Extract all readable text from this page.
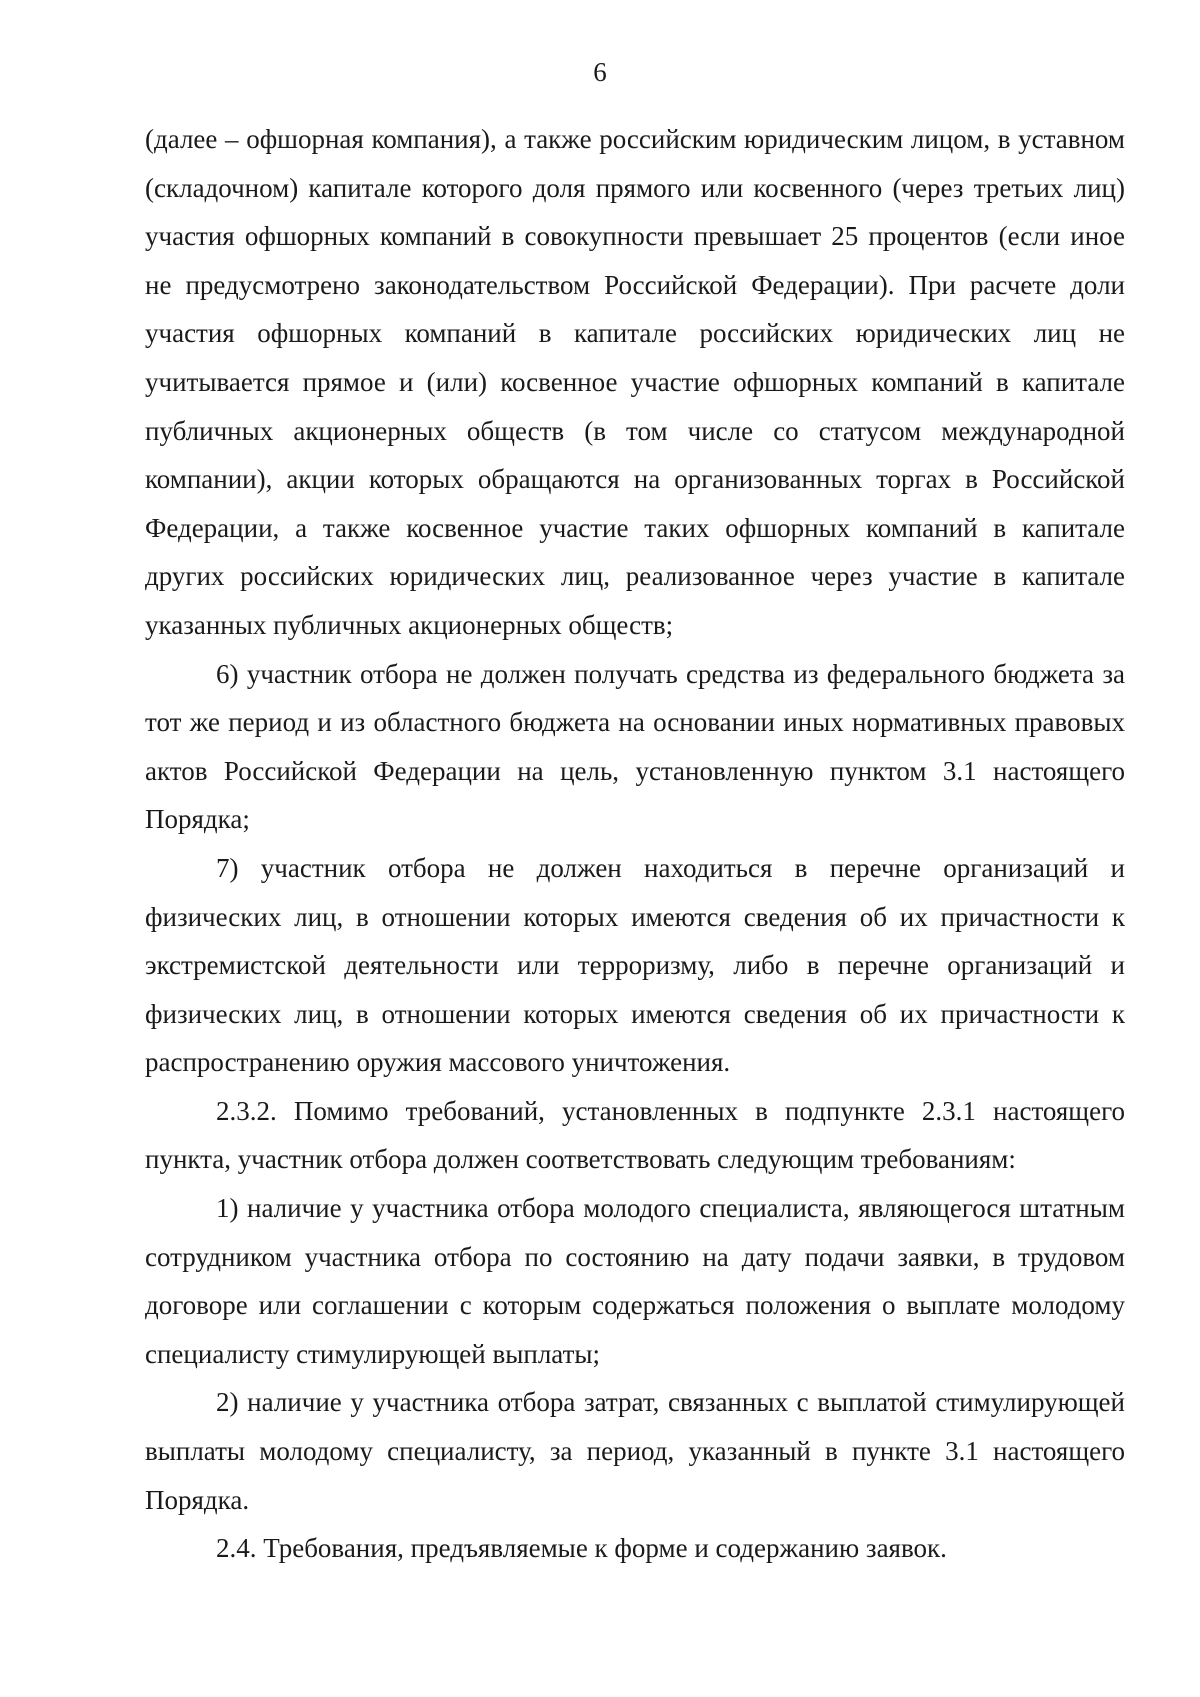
6

(далее – офшорная компания), а также российским юридическим лицом, в уставном (складочном) капитале которого доля прямого или косвенного (через третьих лиц) участия офшорных компаний в совокупности превышает 25 процентов (если иное не предусмотрено законодательством Российской Федерации). При расчете доли участия офшорных компаний в капитале российских юридических лиц не учитывается прямое и (или) косвенное участие офшорных компаний в капитале публичных акционерных обществ (в том числе со статусом международной компании), акции которых обращаются на организованных торгах в Российской Федерации, а также косвенное участие таких офшорных компаний в капитале других российских юридических лиц, реализованное через участие в капитале указанных публичных акционерных обществ;

6) участник отбора не должен получать средства из федерального бюджета за тот же период и из областного бюджета на основании иных нормативных правовых актов Российской Федерации на цель, установленную пунктом 3.1 настоящего Порядка;

7) участник отбора не должен находиться в перечне организаций и физических лиц, в отношении которых имеются сведения об их причастности к экстремистской деятельности или терроризму, либо в перечне организаций и физических лиц, в отношении которых имеются сведения об их причастности к распространению оружия массового уничтожения.

2.3.2. Помимо требований, установленных в подпункте 2.3.1 настоящего пункта, участник отбора должен соответствовать следующим требованиям:

1) наличие у участника отбора молодого специалиста, являющегося штатным сотрудником участника отбора по состоянию на дату подачи заявки, в трудовом договоре или соглашении с которым содержаться положения о выплате молодому специалисту стимулирующей выплаты;

2) наличие у участника отбора затрат, связанных с выплатой стимулирующей выплаты молодому специалисту, за период, указанный в пункте 3.1 настоящего Порядка.

2.4. Требования, предъявляемые к форме и содержанию заявок.
